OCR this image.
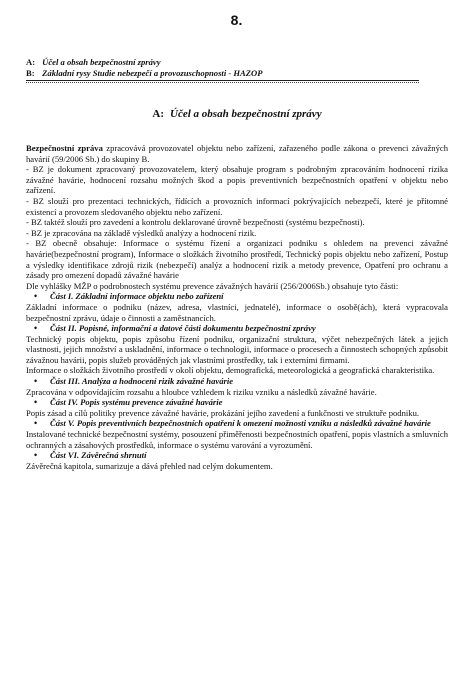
8.
A: Účel a obsah bezpečnostní zprávy
B: Základní rysy Studie nebezpečí a provozuschopnosti - HAZOP
A: Účel a obsah bezpečnostní zprávy

Bezpečnostní zpráva zpracovává provozovatel objektu nebo zařízení, zařazeného podle zákona o prevenci závažných havárií (59/2006 Sb.) do skupiny B.

- BZ je dokument zpracovaný provozovatelem, který obsahuje program s podrobným zpracováním hodnocení rizika závažné havárie, hodnocení rozsahu možných škod a popis preventivních bezpečnostních opatření v objektu nebo zařízení.

- BZ slouží pro prezentaci technických, řídících a provozních informací pokrývajících nebezpečí, které je přítomné existencí a provozem sledovaného objektu nebo zařízení.

- BZ taktéž slouží pro zavedení a kontrolu deklarované úrovně bezpečnosti (systému bezpečnosti).

- BZ je zpracována na základě výsledků analýzy a hodnocení rizik.

- BZ obecně obsahuje: Informace o systému řízení a organizaci podniku s ohledem na prevenci závažné havárie(bezpečnostní program), Informace o složkách životního prostředí, Technický popis objektu nebo zařízení, Postup a výsledky identifikace zdrojů rizik (nebezpečí) analýz a hodnocení rizik a metody prevence, Opatření pro ochranu a zásady pro omezení dopadů závažné havárie

Dle vyhlášky MŽP o podrobnostech systému prevence závažných havárií (256/2006Sb.) obsahuje tyto části:

• Část I. Základní informace objektu nebo zařízení

Základní informace o podniku (název, adresa, vlastníci, jednatelé), informace o osobě(ách), která vypracovala bezpečnostní zprávu, údaje o činnosti a zaměstnancích.

• Část II. Popisné, informační a datové části dokumentu bezpečnostní zprávy

Technický popis objektu, popis způsobu řízení podniku, organizační struktura, výčet nebezpečných látek a jejich vlastnosti, jejich množství a uskladnění, informace o technologii, informace o procesech a činnostech schopných způsobit závažnou havárii, popis služeb prováděných jak vlastními prostředky, tak i externími firmami.

Informace o složkách životního prostředí v okolí objektu, demografická, meteorologická a geografická charakteristika.

• Část III. Analýza a hodnocení rizik závažné havárie

Zpracována v odpovídajícím rozsahu a hloubce vzhledem k riziku vzniku a následků závažné havárie.

• Část IV. Popis systému prevence závažné havárie

Popis zásad a cílů politiky prevence závažné havárie, prokázání jejího zavedení a funkčnosti ve struktuře podniku.

• Část V. Popis preventivních bezpečnostních opatření k omezení možnosti vzniku a následků závažné havárie

Instalované technické bezpečnostní systémy, posouzení přiměřenosti bezpečnostních opatření, popis vlastních a smluvních ochranných a zásahových prostředků, informace o systému varování a vyrozumění.

• Část VI. Závěrečná shrnutí

Závěrečná kapitola, sumarizuje a dává přehled nad celým dokumentem.
